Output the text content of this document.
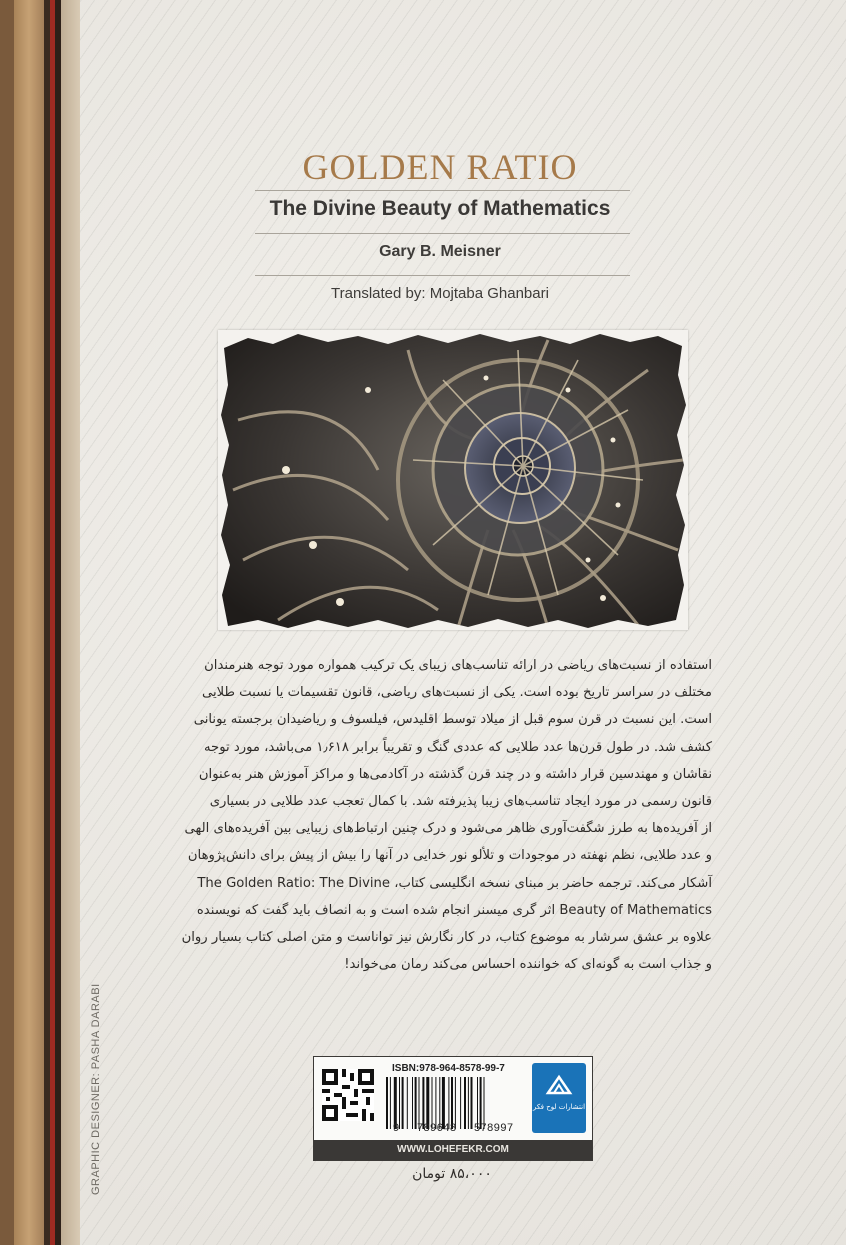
GRAPHIC DESIGNER: PASHA DARABI
GOLDEN RATIO
The Divine Beauty of Mathematics
Gary B. Meisner
Translated by: Mojtaba Ghanbari

استفاده از نسبت‌های ریاضی در ارائه تناسب‌های زیبای یک ترکیب همواره مورد توجه هنرمندان

مختلف در سراسر تاریخ بوده است. یکی از نسبت‌های ریاضی، قانون تقسیمات یا نسبت طلایی

است. این نسبت در قرن سوم قبل از میلاد توسط اقلیدس، فیلسوف و ریاضیدان برجسته یونانی

کشف شد. در طول قرن‌ها عدد طلایی که عددی گنگ و تقریباً برابر ۱٫۶۱۸ می‌باشد، مورد توجه

نقاشان و مهندسین قرار داشته و در چند قرن گذشته در آکادمی‌ها و مراکز آموزش هنر به‌عنوان

قانون رسمی در مورد ایجاد تناسب‌های زیبا پذیرفته شد. با کمال تعجب عدد طلایی در بسیاری

از آفریده‌ها به طرز شگفت‌آوری ظاهر می‌شود و درک چنین ارتباط‌های زیبایی بین آفریده‌های الهی

و عدد طلایی، نظم نهفته در موجودات و تلألو نور خدایی در آنها را بیش از پیش برای دانش‌پژوهان

آشکار می‌کند. ترجمه حاضر بر مبنای نسخه انگلیسی کتاب، The Golden Ratio: The Divine

Beauty of Mathematics اثر گری میسنر انجام شده است و به انصاف باید گفت که نویسنده

علاوه بر عشق سرشار به موضوع کتاب، در کار نگارش نیز تواناست و متن اصلی کتاب بسیار روان

و جذاب است به گونه‌ای که خواننده احساس می‌کند رمان می‌خواند!

ISBN:978-964-8578-99-7
9 789648 578997
انتشارات لوح فکر
WWW.LOHEFEKR.COM
۸۵،۰۰۰ تومان
